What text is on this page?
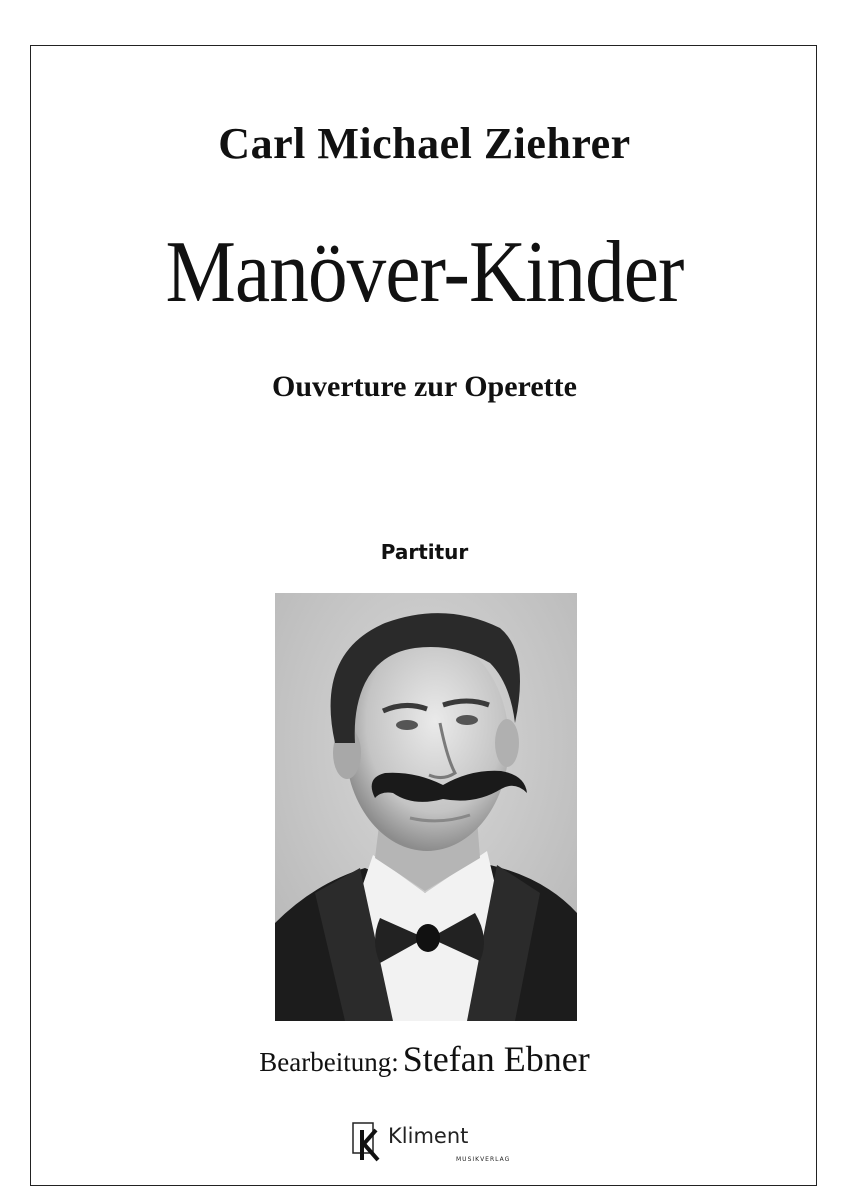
Carl Michael Ziehrer
Manöver-Kinder
Ouverture zur Operette
Partitur
Bearbeitung: Stefan Ebner
Kliment
MUSIKVERLAG
